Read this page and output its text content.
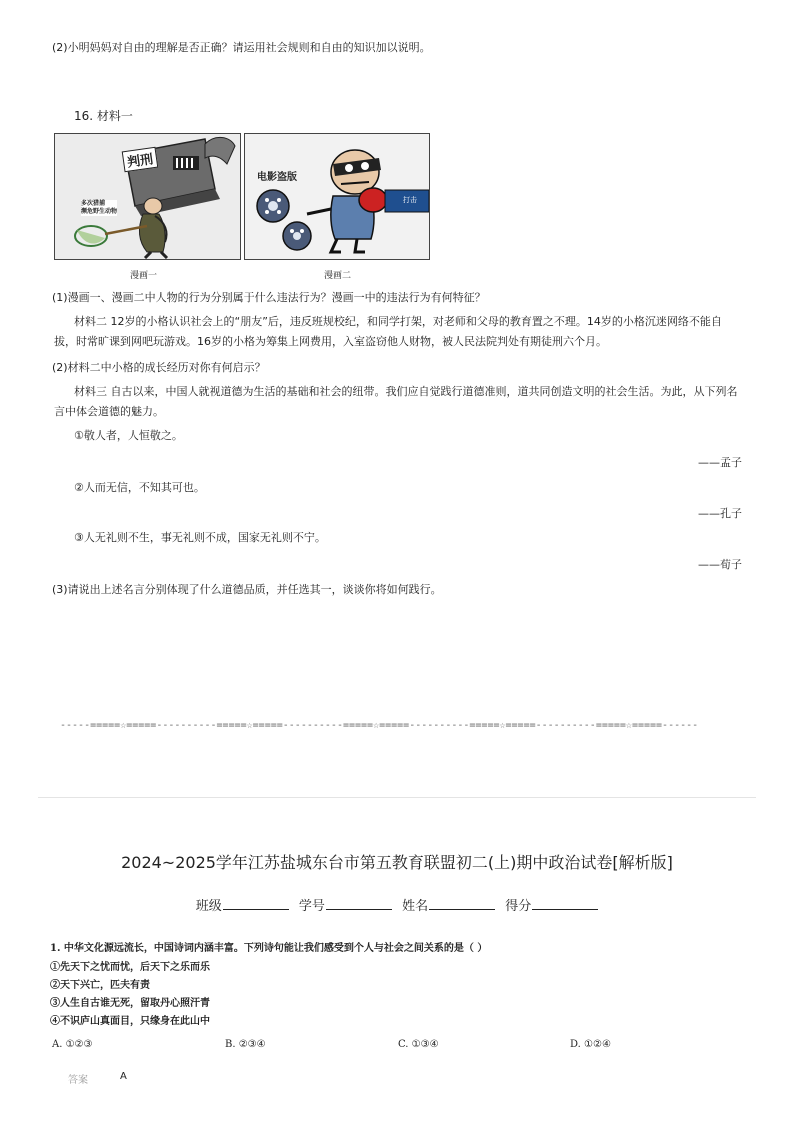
(2)小明妈妈对自由的理解是否正确？请运用社会规则和自由的知识加以说明。
16. 材料一
判刑
多次猎捕
濒危野生动物
漫画一
电影盗版
打击
漫画二
(1)漫画一、漫画二中人物的行为分别属于什么违法行为？漫画一中的违法行为有何特征？
材料二 12岁的小格认识社会上的“朋友”后，违反班规校纪，和同学打架，对老师和父母的教育置之不理。14岁的小格沉迷网络不能自拔，时常旷课到网吧玩游戏。16岁的小格为筹集上网费用，入室盗窃他人财物，被人民法院判处有期徒刑六个月。
(2)材料二中小格的成长经历对你有何启示？
材料三 自古以来，中国人就视道德为生活的基础和社会的纽带。我们应自觉践行道德准则，道共同创造文明的社会生活。为此，从下列名言中体会道德的魅力。
①敬人者，人恒敬之。
——孟子
②人而无信，不知其可也。
——孔子
③人无礼则不生，事无礼则不成，国家无礼则不宁。
——荀子
(3)请说出上述名言分别体现了什么道德品质，并任选其一，谈谈你将如何践行。
-----=====☆=====----------=====☆=====----------=====☆=====----------=====☆=====----------=====☆=====------
2024~2025学年江苏盐城东台市第五教育联盟初二(上)期中政治试卷[解析版]
班级	学号	姓名	得分
1. 中华文化源远流长，中国诗词内涵丰富。下列诗句能让我们感受到个人与社会之间关系的是（ ）
①先天下之忧而忧，后天下之乐而乐
②天下兴亡，匹夫有责
③人生自古谁无死，留取丹心照汗青
④不识庐山真面目，只缘身在此山中
A. ①②③	B. ②③④	C. ①③④	D. ①②④
答案	A
